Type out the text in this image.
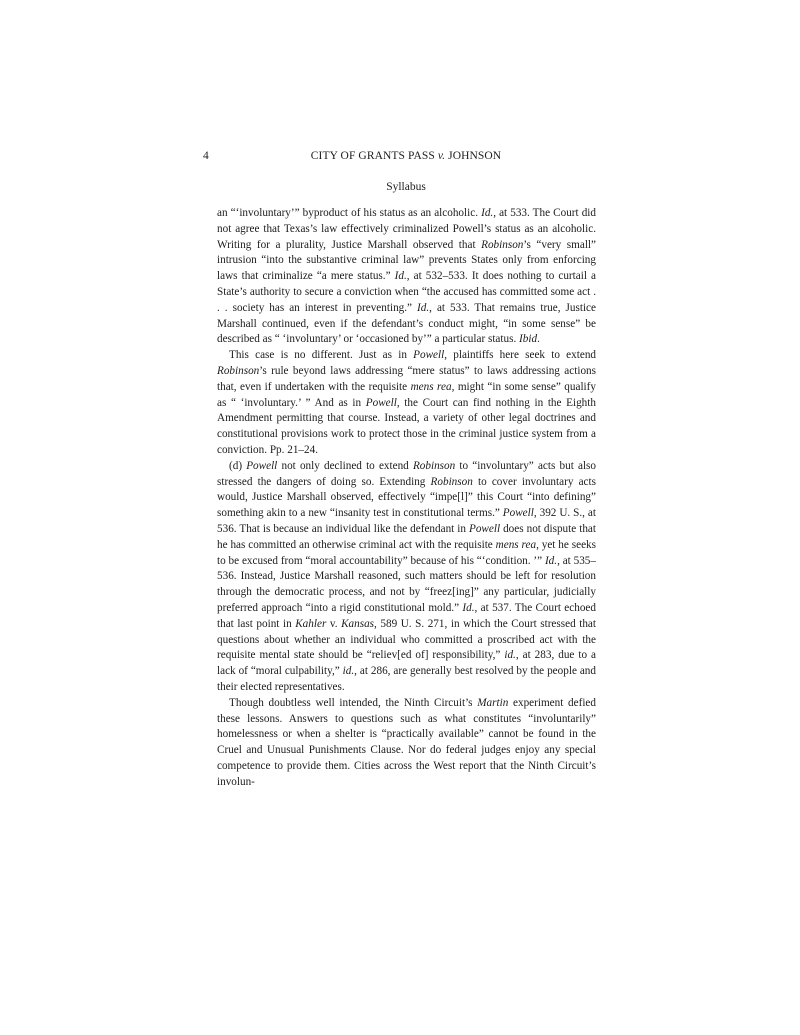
4	CITY OF GRANTS PASS v. JOHNSON
Syllabus

an “‘involuntary’” byproduct of his status as an alcoholic. Id., at 533. The Court did not agree that Texas’s law effectively criminalized Powell’s status as an alcoholic. Writing for a plurality, Justice Marshall observed that Robinson’s “very small” intrusion “into the substantive criminal law” prevents States only from enforcing laws that criminalize “a mere status.” Id., at 532–533. It does nothing to curtail a State’s authority to secure a conviction when “the accused has committed some act . . . society has an interest in preventing.” Id., at 533. That remains true, Justice Marshall continued, even if the defendant’s conduct might, “in some sense” be described as “ ‘involuntary’ or ‘occasioned by’” a particular status. Ibid.

This case is no different. Just as in Powell, plaintiffs here seek to extend Robinson’s rule beyond laws addressing “mere status” to laws addressing actions that, even if undertaken with the requisite mens rea, might “in some sense” qualify as “ ‘involuntary.’ ” And as in Powell, the Court can find nothing in the Eighth Amendment permitting that course. Instead, a variety of other legal doctrines and constitutional provisions work to protect those in the criminal justice system from a conviction. Pp. 21–24.

(d) Powell not only declined to extend Robinson to “involuntary” acts but also stressed the dangers of doing so. Extending Robinson to cover involuntary acts would, Justice Marshall observed, effectively “impe[l]” this Court “into defining” something akin to a new “insanity test in constitutional terms.” Powell, 392 U. S., at 536. That is because an individual like the defendant in Powell does not dispute that he has committed an otherwise criminal act with the requisite mens rea, yet he seeks to be excused from “moral accountability” because of his “‘condition. ’” Id., at 535–536. Instead, Justice Marshall reasoned, such matters should be left for resolution through the democratic process, and not by “freez[ing]” any particular, judicially preferred approach “into a rigid constitutional mold.” Id., at 537. The Court echoed that last point in Kahler v. Kansas, 589 U. S. 271, in which the Court stressed that questions about whether an individual who committed a proscribed act with the requisite mental state should be “reliev[ed of] responsibility,” id., at 283, due to a lack of “moral culpability,” id., at 286, are generally best resolved by the people and their elected representatives.

Though doubtless well intended, the Ninth Circuit’s Martin experiment defied these lessons. Answers to questions such as what constitutes “involuntarily” homelessness or when a shelter is “practically available” cannot be found in the Cruel and Unusual Punishments Clause. Nor do federal judges enjoy any special competence to provide them. Cities across the West report that the Ninth Circuit’s involun-
